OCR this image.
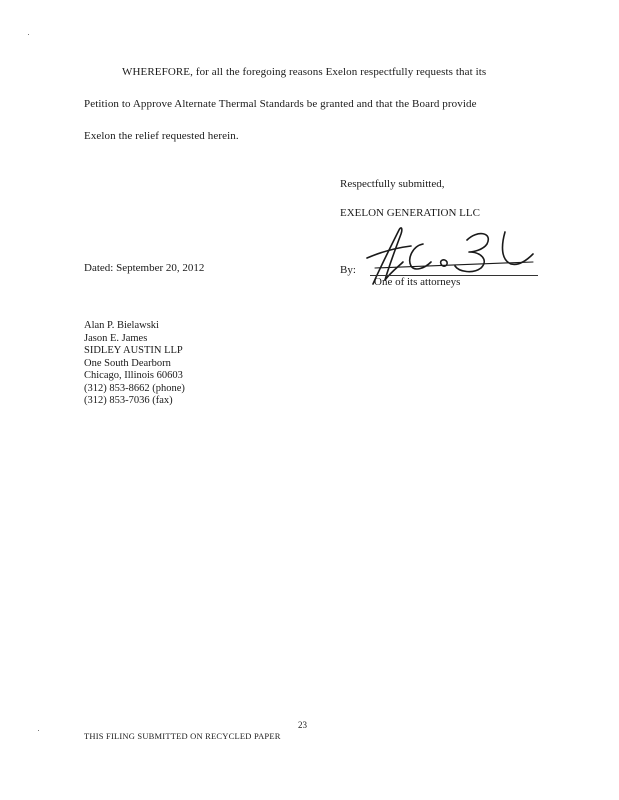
WHEREFORE, for all the foregoing reasons Exelon respectfully requests that its
Petition to Approve Alternate Thermal Standards be granted and that the Board provide
Exelon the relief requested herein.
Respectfully submitted,
EXELON GENERATION LLC
Dated: September 20, 2012	By:
One of its attorneys
Alan P. Bielawski
Jason E. James
SIDLEY AUSTIN LLP
One South Dearborn
Chicago, Illinois 60603
(312) 853-8662 (phone)
(312) 853-7036 (fax)
23
THIS FILING SUBMITTED ON RECYCLED PAPER
